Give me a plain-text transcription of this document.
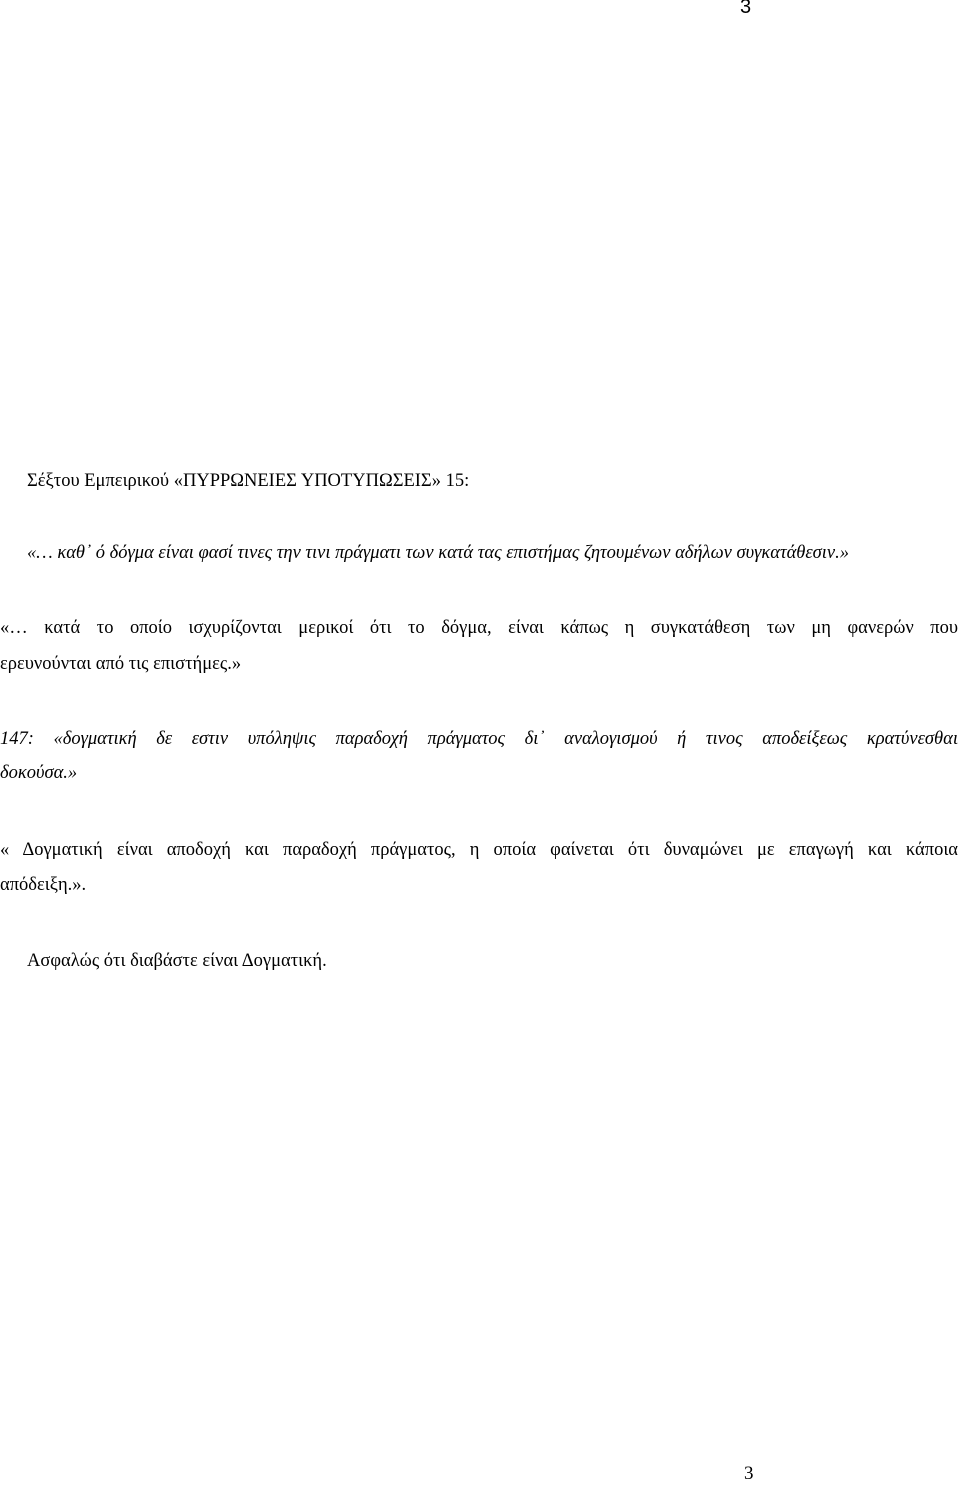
3

Σέξτου Εμπειρικού «ΠΥΡΡΩΝΕΙΕΣ ΥΠΟΤΥΠΩΣΕΙΣ» 15:

«… καθ᾽ ό δόγμα είναι φασί τινες την τινι πράγματι των κατά τας επιστήμας ζητουμένων αδήλων συγκατάθεσιν.»

«… κατά το οποίο ισχυρίζονται μερικοί ότι το δόγμα, είναι κάπως η συγκατάθεση των μη φανερών που

ερευνούνται από τις επιστήμες.»

147: «δογματική δε εστιν υπόληψις παραδοχή πράγματος δι᾽ αναλογισμού ή τινος αποδείξεως κρατύνεσθαι

δοκούσα.»

« Δογματική είναι αποδοχή και παραδοχή πράγματος, η οποία φαίνεται ότι δυναμώνει με επαγωγή και κάποια

απόδειξη.».

Ασφαλώς ότι διαβάστε είναι Δογματική.

3
